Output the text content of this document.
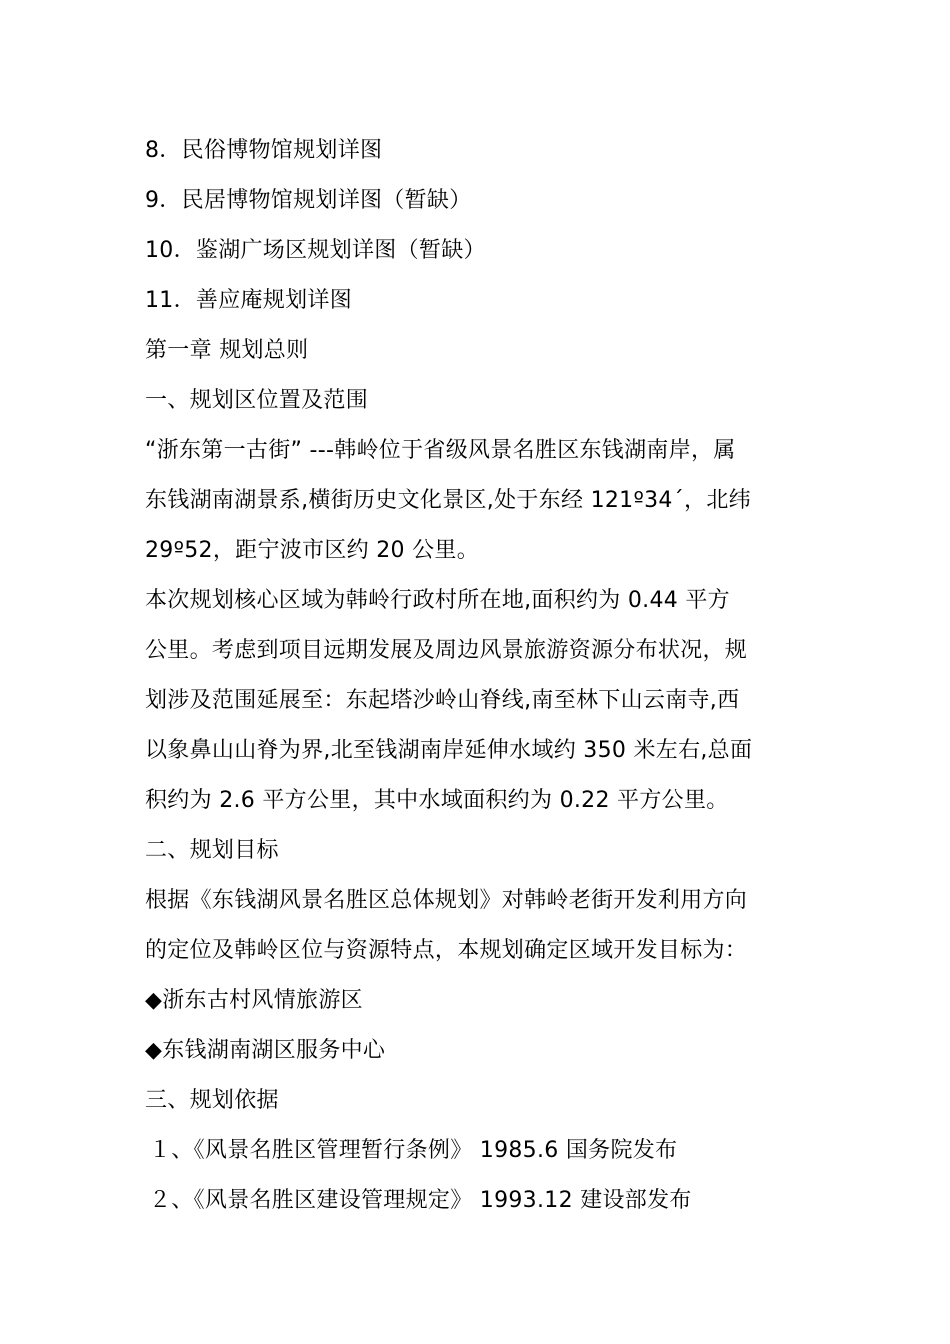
8．民俗博物馆规划详图
9．民居博物馆规划详图（暂缺）
10．鉴湖广场区规划详图（暂缺）
11．善应庵规划详图
第一章 规划总则
一、规划区位置及范围
“浙东第一古街” ---韩岭位于省级风景名胜区东钱湖南岸，属
东钱湖南湖景系,横街历史文化景区,处于东经 121º34´，北纬
29º52，距宁波市区约 20 公里。
本次规划核心区域为韩岭行政村所在地,面积约为 0.44 平方
公里。考虑到项目远期发展及周边风景旅游资源分布状况，规
划涉及范围延展至：东起塔沙岭山脊线,南至林下山云南寺,西
以象鼻山山脊为界,北至钱湖南岸延伸水域约 350 米左右,总面
积约为 2.6 平方公里，其中水域面积约为 0.22 平方公里。
二、规划目标
根据《东钱湖风景名胜区总体规划》对韩岭老街开发利用方向
的定位及韩岭区位与资源特点，本规划确定区域开发目标为：
◆浙东古村风情旅游区
◆东钱湖南湖区服务中心
三、规划依据
１、《风景名胜区管理暂行条例》 1985.6 国务院发布
２、《风景名胜区建设管理规定》 1993.12 建设部发布
